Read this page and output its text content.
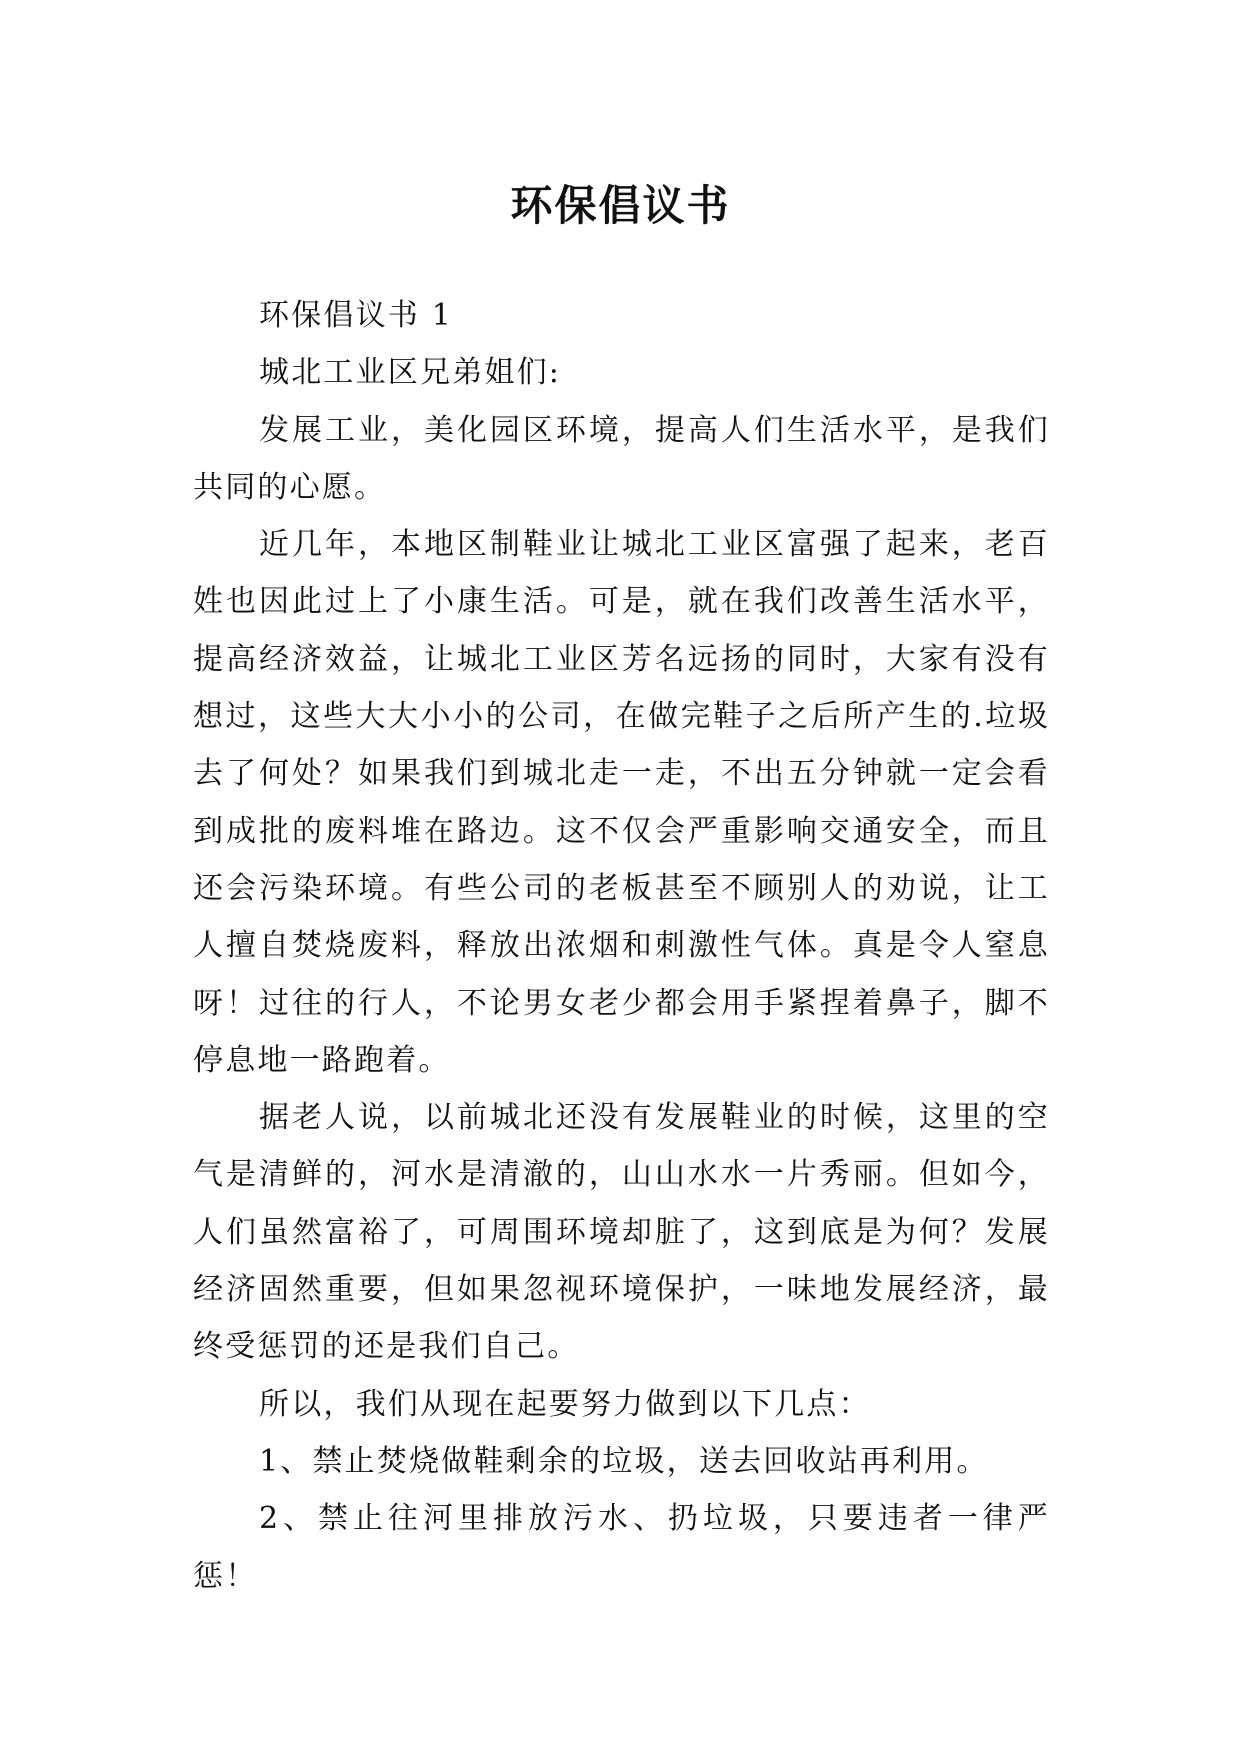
环保倡议书

环保倡议书 1

城北工业区兄弟姐们:

发展工业，美化园区环境，提高人们生活水平，是我们共同的心愿。

近几年，本地区制鞋业让城北工业区富强了起来，老百姓也因此过上了小康生活。可是，就在我们改善生活水平，提高经济效益，让城北工业区芳名远扬的同时，大家有没有想过，这些大大小小的公司，在做完鞋子之后所产生的.垃圾去了何处？如果我们到城北走一走，不出五分钟就一定会看到成批的废料堆在路边。这不仅会严重影响交通安全，而且还会污染环境。有些公司的老板甚至不顾别人的劝说，让工人擅自焚烧废料，释放出浓烟和刺激性气体。真是令人窒息呀！过往的行人，不论男女老少都会用手紧捏着鼻子，脚不停息地一路跑着。

据老人说，以前城北还没有发展鞋业的时候，这里的空气是清鲜的，河水是清澈的，山山水水一片秀丽。但如今，人们虽然富裕了，可周围环境却脏了，这到底是为何？发展经济固然重要，但如果忽视环境保护，一味地发展经济，最终受惩罚的还是我们自己。

所以，我们从现在起要努力做到以下几点：

1、禁止焚烧做鞋剩余的垃圾，送去回收站再利用。

2、禁止往河里排放污水、扔垃圾，只要违者一律严惩！
